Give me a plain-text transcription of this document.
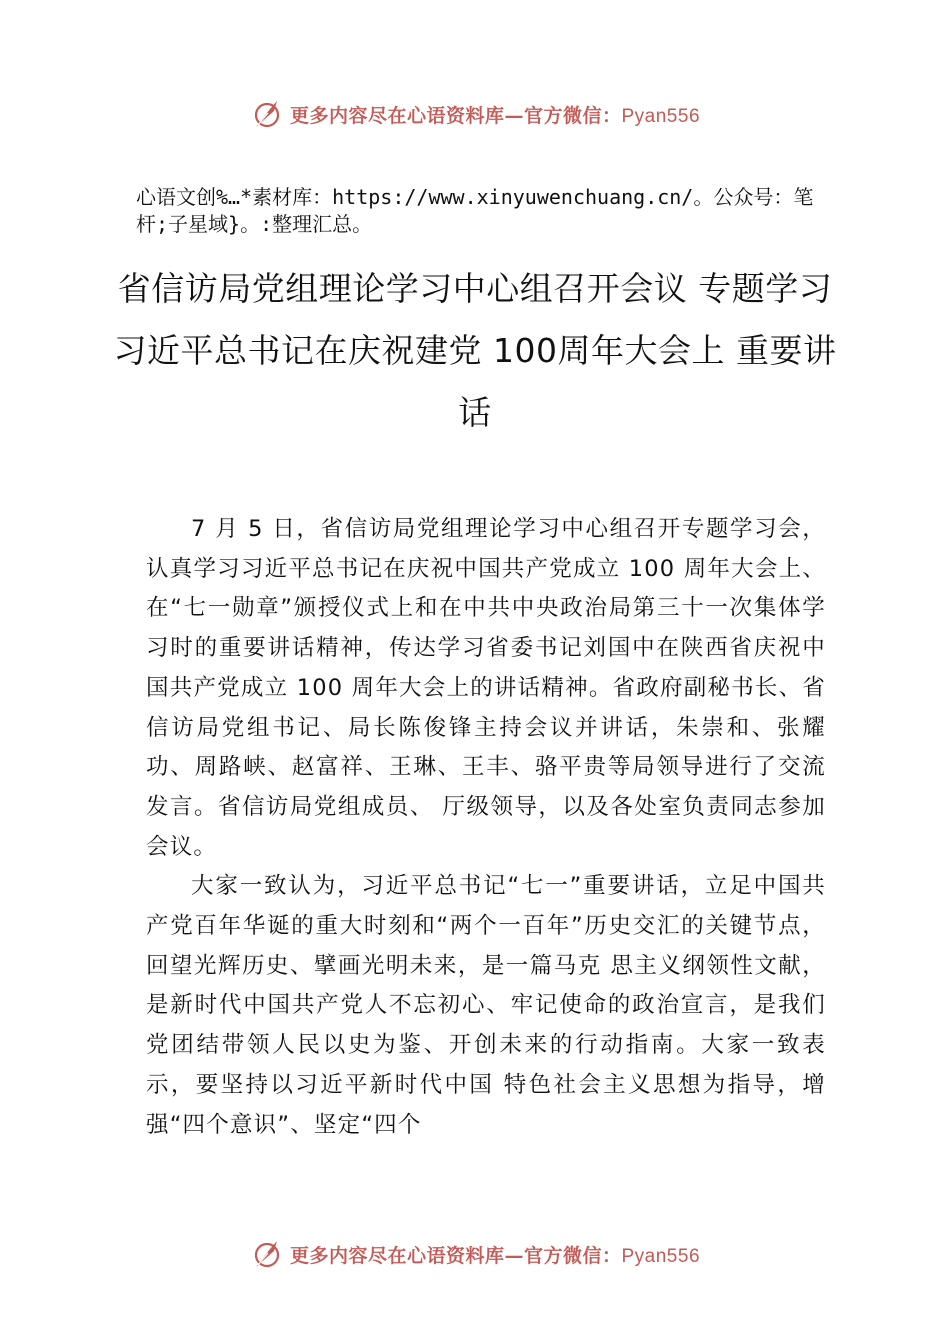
更多内容尽在心语资料库—官方微信：Pyan556
心语文创%…*素材库：https://www.xinyuwenchuang.cn/。公众号：笔杆;子星域}。:整理汇总。
省信访局党组理论学习中心组召开会议 专题学习习近平总书记在庆祝建党 100周年大会上 重要讲话

7 月 5 日，省信访局党组理论学习中心组召开专题学习会，认真学习习近平总书记在庆祝中国共产党成立 100 周年大会上、在“七一勋章”颁授仪式上和在中共中央政治局第三十一次集体学习时的重要讲话精神，传达学习省委书记刘国中在陕西省庆祝中国共产党成立 100 周年大会上的讲话精神。省政府副秘书长、省信访局党组书记、局长陈俊锋主持会议并讲话，朱崇和、张耀功、周路峡、赵富祥、王琳、王丰、骆平贵等局领导进行了交流发言。省信访局党组成员、 厅级领导，以及各处室负责同志参加会议。

大家一致认为，习近平总书记“七一”重要讲话，立足中国共产党百年华诞的重大时刻和“两个一百年”历史交汇的关键节点，回望光辉历史、擘画光明未来，是一篇马克 思主义纲领性文献，是新时代中国共产党人不忘初心、牢记使命的政治宣言，是我们党团结带领人民以史为鉴、开创未来的行动指南。大家一致表示，要坚持以习近平新时代中国 特色社会主义思想为指导，增强“四个意识”、坚定“四个

更多内容尽在心语资料库—官方微信：Pyan556
